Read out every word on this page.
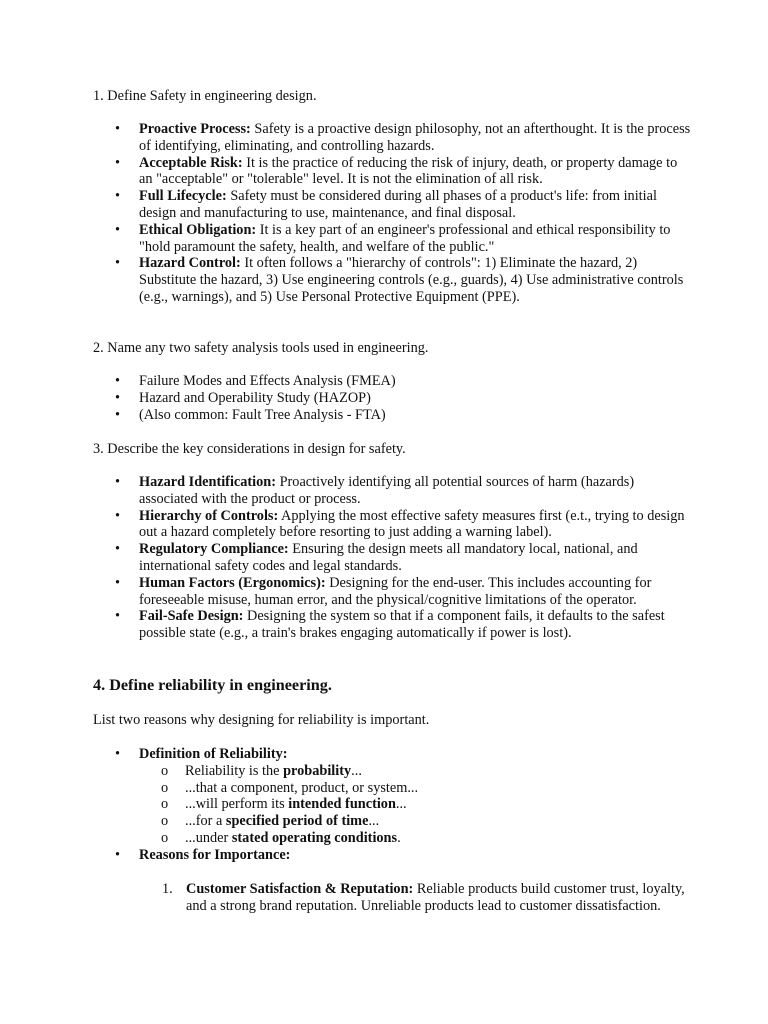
1. Define Safety in engineering design.
• Proactive Process: Safety is a proactive design philosophy, not an afterthought. It is the process of identifying, eliminating, and controlling hazards.
• Acceptable Risk: It is the practice of reducing the risk of injury, death, or property damage to an "acceptable" or "tolerable" level. It is not the elimination of all risk.
• Full Lifecycle: Safety must be considered during all phases of a product's life: from initial design and manufacturing to use, maintenance, and final disposal.
• Ethical Obligation: It is a key part of an engineer's professional and ethical responsibility to "hold paramount the safety, health, and welfare of the public."
• Hazard Control: It often follows a "hierarchy of controls": 1) Eliminate the hazard, 2) Substitute the hazard, 3) Use engineering controls (e.g., guards), 4) Use administrative controls (e.g., warnings), and 5) Use Personal Protective Equipment (PPE).
2. Name any two safety analysis tools used in engineering.
• Failure Modes and Effects Analysis (FMEA)
• Hazard and Operability Study (HAZOP)
• (Also common: Fault Tree Analysis - FTA)
3. Describe the key considerations in design for safety.
• Hazard Identification: Proactively identifying all potential sources of harm (hazards) associated with the product or process.
• Hierarchy of Controls: Applying the most effective safety measures first (e.t., trying to design out a hazard completely before resorting to just adding a warning label).
• Regulatory Compliance: Ensuring the design meets all mandatory local, national, and international safety codes and legal standards.
• Human Factors (Ergonomics): Designing for the end-user. This includes accounting for foreseeable misuse, human error, and the physical/cognitive limitations of the operator.
• Fail-Safe Design: Designing the system so that if a component fails, it defaults to the safest possible state (e.g., a train's brakes engaging automatically if power is lost).
4. Define reliability in engineering.
List two reasons why designing for reliability is important.
• Definition of Reliability:
o Reliability is the probability...
o ...that a component, product, or system...
o ...will perform its intended function...
o ...for a specified period of time...
o ...under stated operating conditions.
• Reasons for Importance:
1. Customer Satisfaction & Reputation: Reliable products build customer trust, loyalty, and a strong brand reputation. Unreliable products lead to customer dissatisfaction.
